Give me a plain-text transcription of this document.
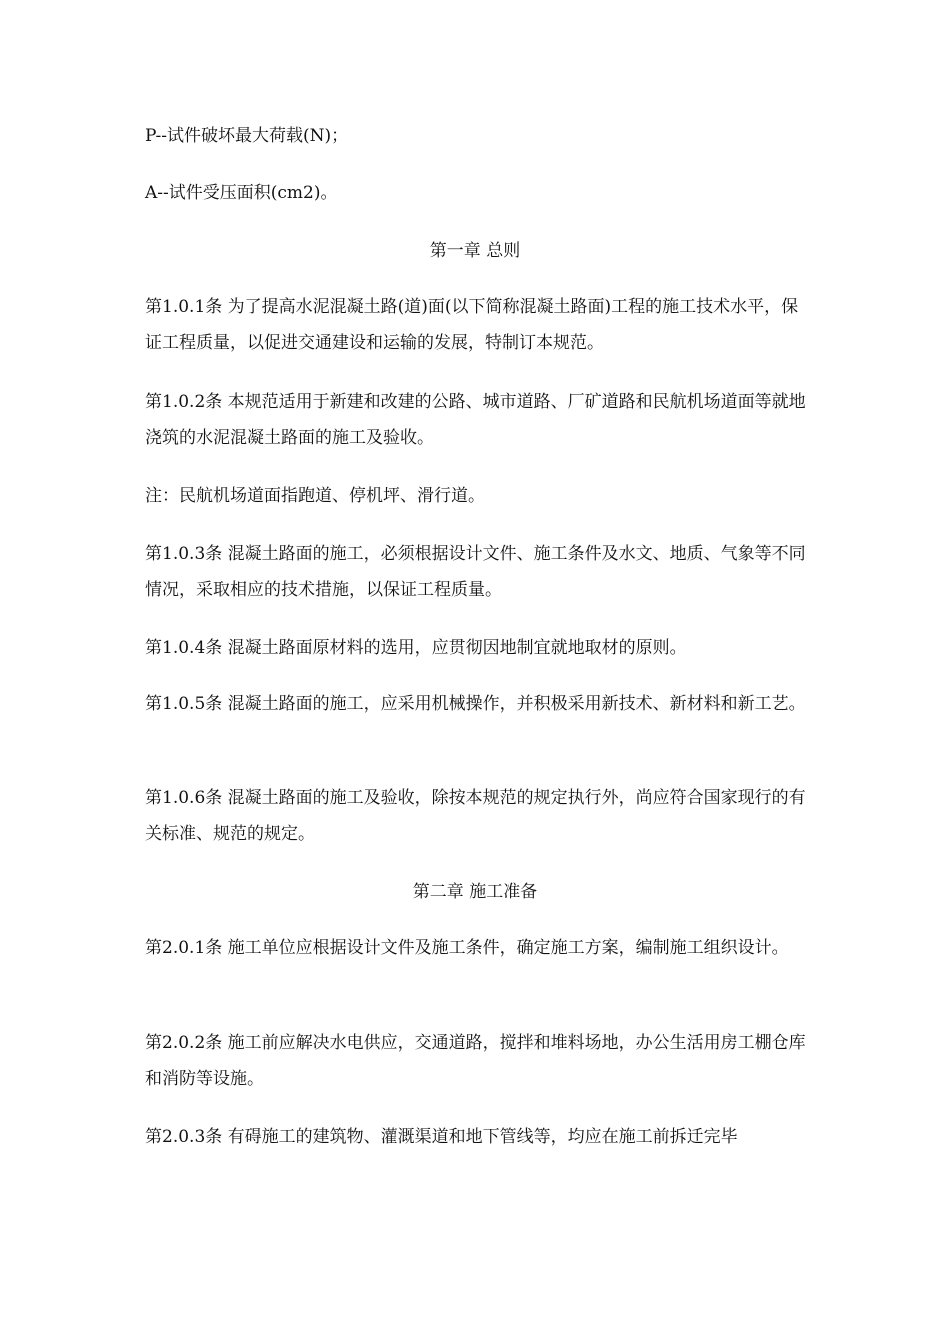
P--试件破坏最大荷载(N)；

A--试件受压面积(cm2)。

第一章 总则

第1.0.1条 为了提高水泥混凝土路(道)面(以下简称混凝土路面)工程的施工技术水平，保证工程质量，以促进交通建设和运输的发展，特制订本规范。

第1.0.2条 本规范适用于新建和改建的公路、城市道路、厂矿道路和民航机场道面等就地浇筑的水泥混凝土路面的施工及验收。

注：民航机场道面指跑道、停机坪、滑行道。

第1.0.3条 混凝土路面的施工，必须根据设计文件、施工条件及水文、地质、气象等不同情况，采取相应的技术措施，以保证工程质量。

第1.0.4条 混凝土路面原材料的选用，应贯彻因地制宜就地取材的原则。

第1.0.5条 混凝土路面的施工，应采用机械操作，并积极采用新技术、新材料和新工艺。

第1.0.6条 混凝土路面的施工及验收，除按本规范的规定执行外，尚应符合国家现行的有关标准、规范的规定。

第二章 施工准备

第2.0.1条 施工单位应根据设计文件及施工条件，确定施工方案，编制施工组织设计。

第2.0.2条 施工前应解决水电供应，交通道路，搅拌和堆料场地，办公生活用房工棚仓库和消防等设施。

第2.0.3条 有碍施工的建筑物、灌溉渠道和地下管线等，均应在施工前拆迁完毕
